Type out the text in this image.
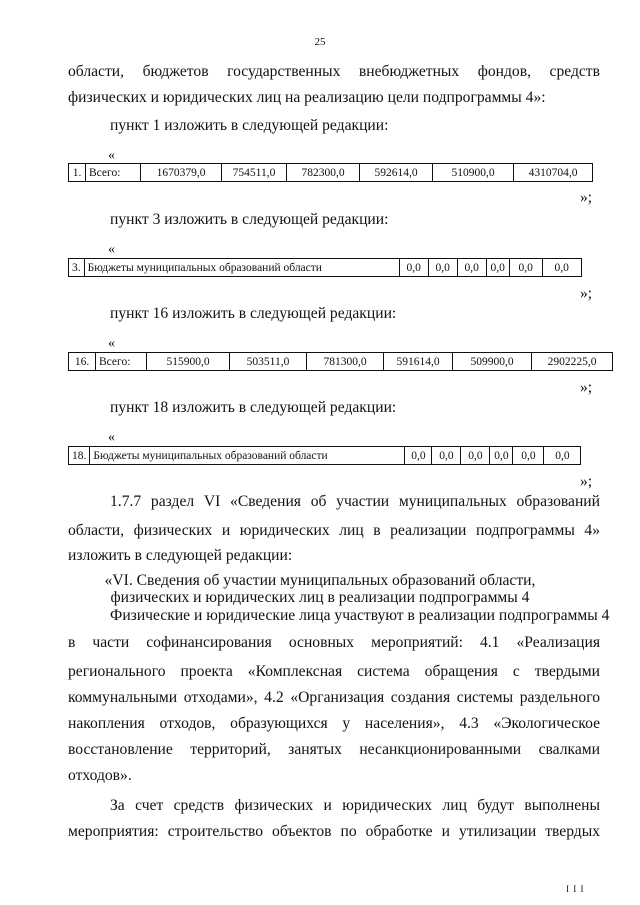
25
области, бюджетов государственных внебюджетных фондов, средств
физических и юридических лиц на реализацию цели подпрограммы 4»:
пункт 1 изложить в следующей редакции:
«
1.	Всего:	1670379,0	754511,0	782300,0	592614,0	510900,0	4310704,0
»;
пункт 3 изложить в следующей редакции:
«
3.	Бюджеты муниципальных образований области	0,0	0,0	0,0	0,0	0,0	0,0
»;
пункт 16 изложить в следующей редакции:
«
16.	Всего:	515900,0	503511,0	781300,0	591614,0	509900,0	2902225,0
»;
пункт 18 изложить в следующей редакции:
«
18.	Бюджеты муниципальных образований области	0,0	0,0	0,0	0,0	0,0	0,0
»;
1.7.7 раздел VI «Сведения об участии муниципальных образований
области, физических и юридических лиц в реализации подпрограммы 4»
изложить в следующей редакции:
«VI. Сведения об участии муниципальных образований области,
физических и юридических лиц в реализации подпрограммы 4
Физические и юридические лица участвуют в реализации подпрограммы 4
в части софинансирования основных мероприятий: 4.1 «Реализация
регионального проекта «Комплексная система обращения с твердыми
коммунальными отходами», 4.2 «Организация создания системы раздельного
накопления отходов, образующихся у населения», 4.3 «Экологическое
восстановление территорий, занятых несанкционированными свалками
отходов».
За счет средств физических и юридических лиц будут выполнены
мероприятия: строительство объектов по обработке и утилизации твердых
I I I
